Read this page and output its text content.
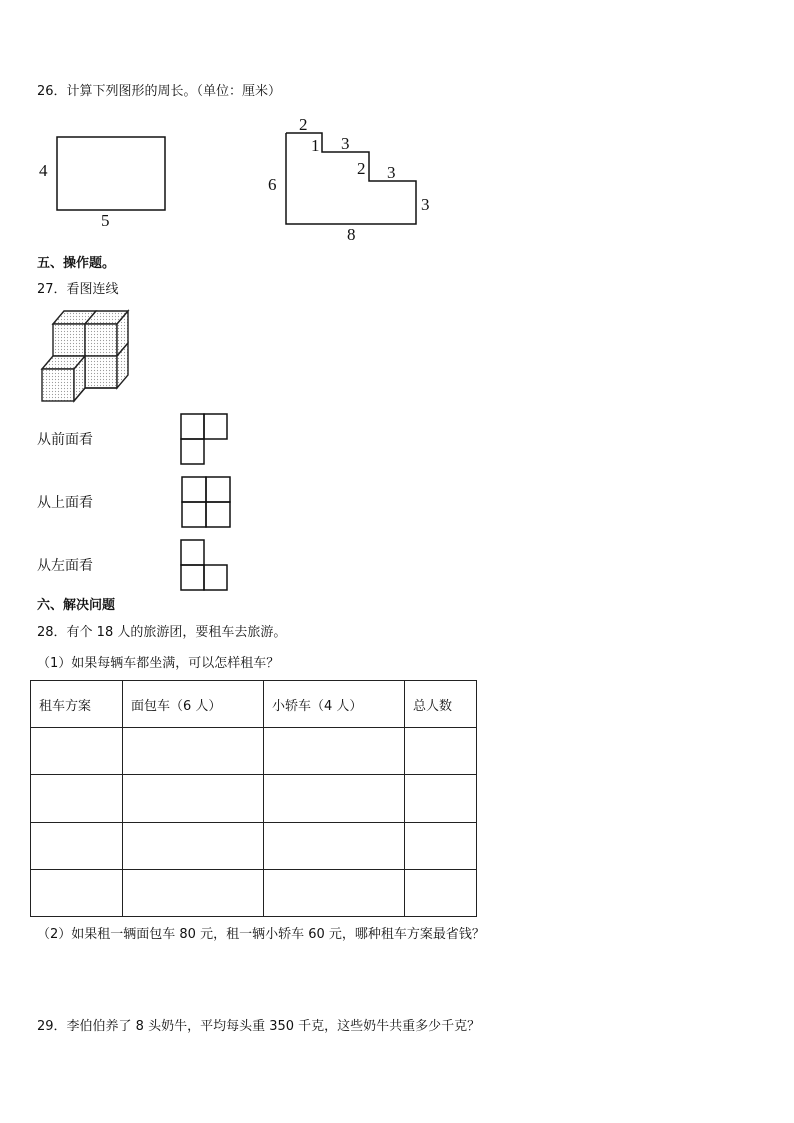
26．计算下列图形的周长。（单位：厘米）
4
5
2
1 3
2 3
3
6
8
五、操作题。
27．看图连线
从前面看
从上面看
从左面看
六、解决问题
28．有个 18 人的旅游团，要租车去旅游。
（1）如果每辆车都坐满，可以怎样租车？
租车方案	面包车（6 人）	小轿车（4 人）	总人数

（2）如果租一辆面包车 80 元，租一辆小轿车 60 元，哪种租车方案最省钱？
29．李伯伯养了 8 头奶牛，平均每头重 350 千克，这些奶牛共重多少千克？
